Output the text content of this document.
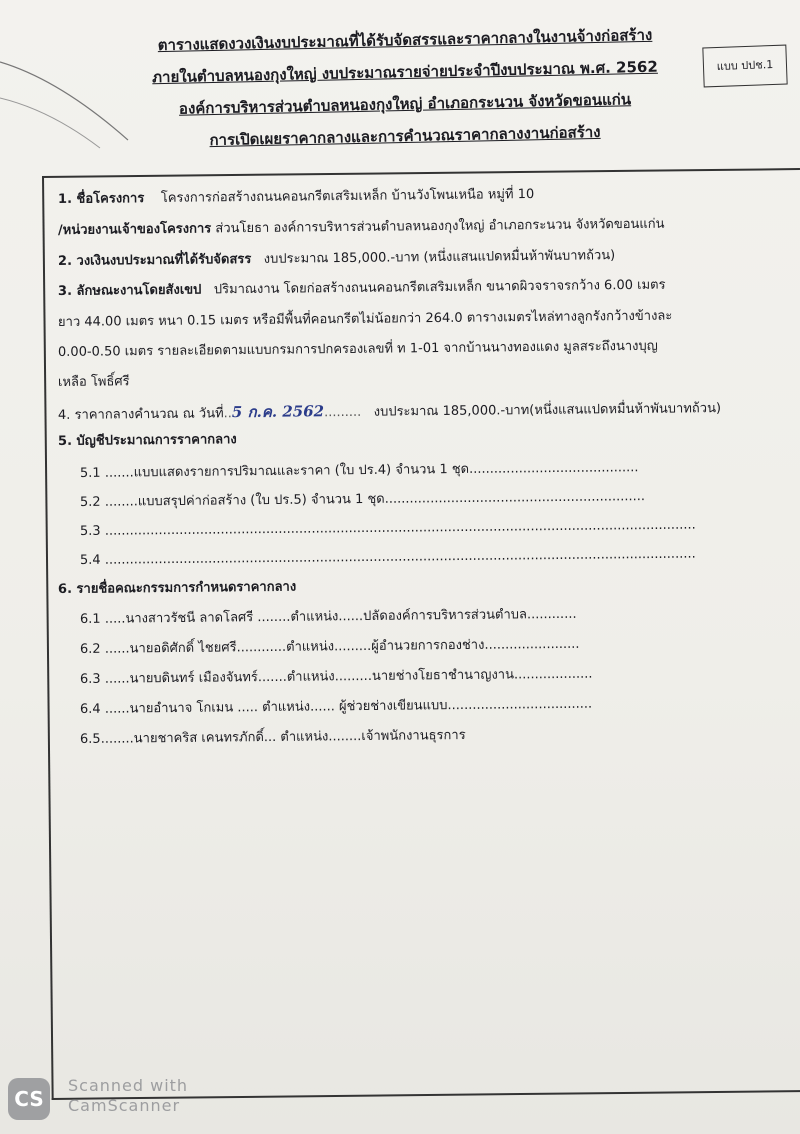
แบบ ปปช.1
ตารางแสดงวงเงินงบประมาณที่ได้รับจัดสรรและราคากลางในงานจ้างก่อสร้าง
ภายในตำบลหนองกุงใหญ่ งบประมาณรายจ่ายประจำปีงบประมาณ พ.ศ. 2562
องค์การบริหารส่วนตำบลหนองกุงใหญ่ อำเภอกระนวน จังหวัดขอนแก่น
การเปิดเผยราคากลางและการคำนวณราคากลางงานก่อสร้าง
1. ชื่อโครงการ โครงการก่อสร้างถนนคอนกรีตเสริมเหล็ก บ้านวังโพนเหนือ หมู่ที่ 10
/หน่วยงานเจ้าของโครงการ ส่วนโยธา องค์การบริหารส่วนตำบลหนองกุงใหญ่ อำเภอกระนวน จังหวัดขอนแก่น
2. วงเงินงบประมาณที่ได้รับจัดสรร งบประมาณ 185,000.-บาท (หนึ่งแสนแปดหมื่นห้าพันบาทถ้วน)
3. ลักษณะงานโดยสังเขป ปริมาณงาน โดยก่อสร้างถนนคอนกรีตเสริมเหล็ก ขนาดผิวจราจรกว้าง 6.00 เมตร
ยาว 44.00 เมตร หนา 0.15 เมตร หรือมีพื้นที่คอนกรีตไม่น้อยกว่า 264.0 ตารางเมตรไหล่ทางลูกรังกว้างข้างละ
0.00-0.50 เมตร รายละเอียดตามแบบกรมการปกครองเลขที่ ท 1-01 จากบ้านนางทองแดง มูลสระถึงนางบุญ
เหลือ โพธิ์ศรี
4. ราคากลางคำนวณ ณ วันที่..5 ก.ค. 2562......... งบประมาณ 185,000.-บาท(หนึ่งแสนแปดหมื่นห้าพันบาทถ้วน)
5. บัญชีประมาณการราคากลาง
5.1 .......แบบแสดงรายการปริมาณและราคา (ใบ ปร.4) จำนวน 1 ชุด.........................................
5.2 ........แบบสรุปค่าก่อสร้าง (ใบ ปร.5) จำนวน 1 ชุด...............................................................
5.3 ...............................................................................................................................................
5.4 ...............................................................................................................................................
6. รายชื่อคณะกรรมการกำหนดราคากลาง
6.1 .....นางสาวรัชนี ลาดโลศรี ........ตำแหน่ง......ปลัดองค์การบริหารส่วนตำบล............
6.2 ......นายอดิศักดิ์ ไชยศรี............ตำแหน่ง.........ผู้อำนวยการกองช่าง.......................
6.3 ......นายบดินทร์ เมืองจันทร์.......ตำแหน่ง.........นายช่างโยธาชำนาญงาน...................
6.4 ......นายอำนาจ โกเมน ..... ตำแหน่ง...... ผู้ช่วยช่างเขียนแบบ...................................
6.5........นายชาคริส เคนทรภักดิ์... ตำแหน่ง........เจ้าพนักงานธุรการ
CS
Scanned with
CamScanner
